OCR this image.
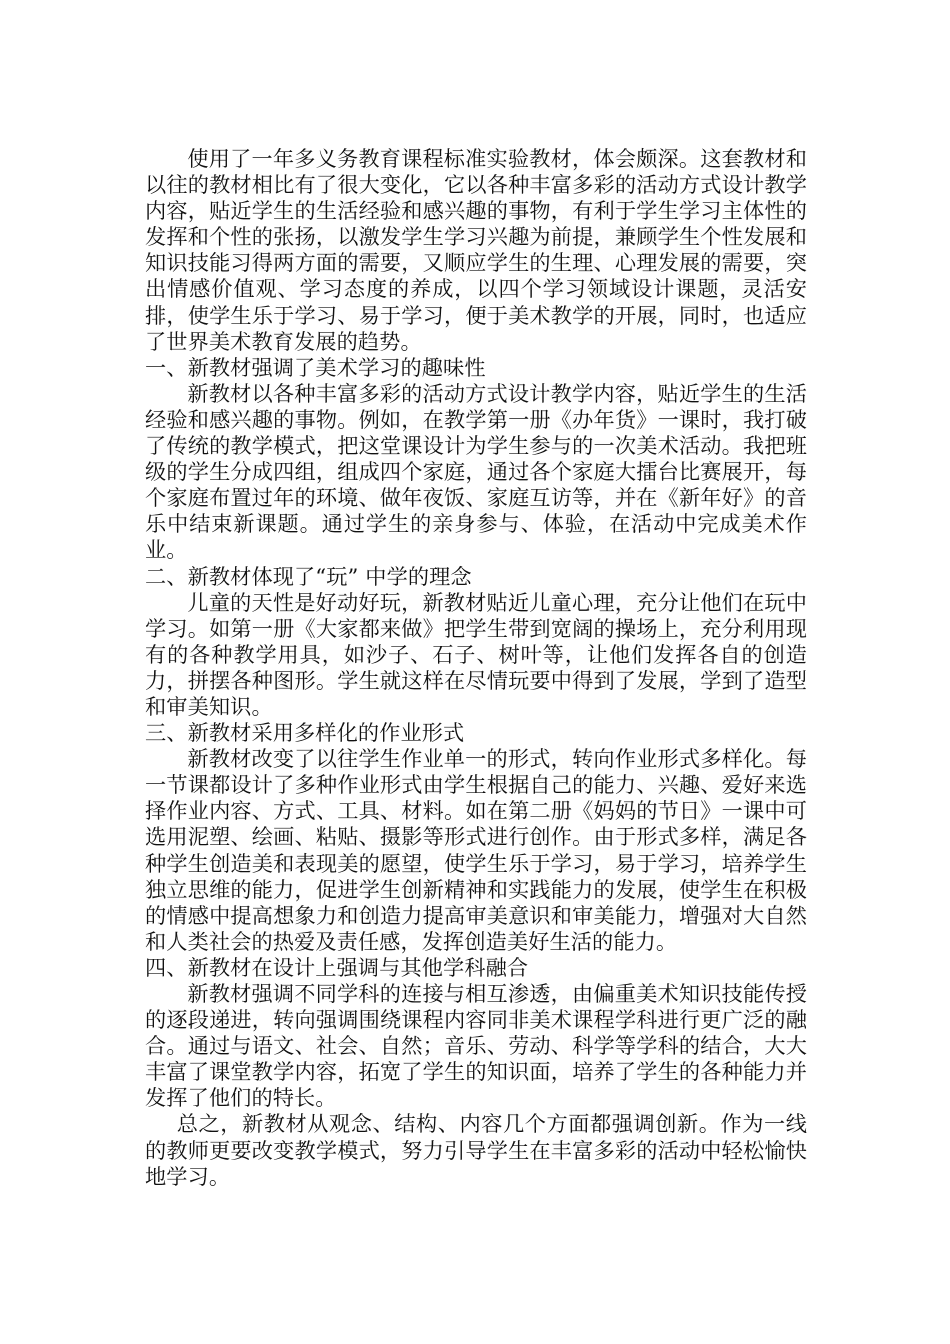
使用了一年多义务教育课程标准实验教材，体会颇深。这套教材和以往的教材相比有了很大变化，它以各种丰富多彩的活动方式设计教学内容，贴近学生的生活经验和感兴趣的事物，有利于学生学习主体性的发挥和个性的张扬，以激发学生学习兴趣为前提，兼顾学生个性发展和知识技能习得两方面的需要，又顺应学生的生理、心理发展的需要，突出情感价值观、学习态度的养成，以四个学习领域设计课题，灵活安排，使学生乐于学习、易于学习，便于美术教学的开展，同时，也适应了世界美术教育发展的趋势。

一、新教材强调了美术学习的趣味性

新教材以各种丰富多彩的活动方式设计教学内容，贴近学生的生活经验和感兴趣的事物。例如，在教学第一册《办年货》一课时，我打破了传统的教学模式，把这堂课设计为学生参与的一次美术活动。我把班级的学生分成四组，组成四个家庭，通过各个家庭大擂台比赛展开，每个家庭布置过年的环境、做年夜饭、家庭互访等，并在《新年好》的音乐中结束新课题。通过学生的亲身参与、体验，在活动中完成美术作业。

二、新教材体现了“玩” 中学的理念

儿童的天性是好动好玩，新教材贴近儿童心理，充分让他们在玩中学习。如第一册《大家都来做》把学生带到宽阔的操场上，充分利用现有的各种教学用具，如沙子、石子、树叶等，让他们发挥各自的创造力，拼摆各种图形。学生就这样在尽情玩要中得到了发展，学到了造型和审美知识。

三、新教材采用多样化的作业形式

新教材改变了以往学生作业单一的形式，转向作业形式多样化。每一节课都设计了多种作业形式由学生根据自己的能力、兴趣、爱好来选择作业内容、方式、工具、材料。如在第二册《妈妈的节日》一课中可选用泥塑、绘画、粘贴、摄影等形式进行创作。由于形式多样，满足各种学生创造美和表现美的愿望，使学生乐于学习，易于学习，培养学生独立思维的能力，促进学生创新精神和实践能力的发展，使学生在积极的情感中提高想象力和创造力提高审美意识和审美能力，增强对大自然和人类社会的热爱及责任感，发挥创造美好生活的能力。

四、新教材在设计上强调与其他学科融合

新教材强调不同学科的连接与相互渗透，由偏重美术知识技能传授的逐段递进，转向强调围绕课程内容同非美术课程学科进行更广泛的融合。通过与语文、社会、自然；音乐、劳动、科学等学科的结合，大大丰富了课堂教学内容，拓宽了学生的知识面，培养了学生的各种能力并发挥了他们的特长。

总之，新教材从观念、结构、内容几个方面都强调创新。作为一线的教师更要改变教学模式，努力引导学生在丰富多彩的活动中轻松愉快地学习。
